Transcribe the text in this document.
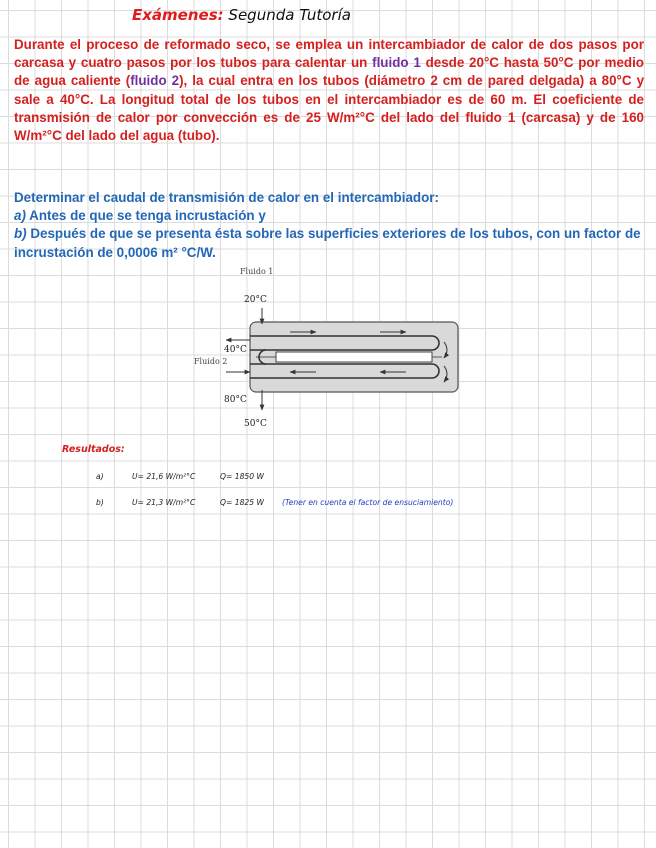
Exámenes: Segunda Tutoría
Durante el proceso de reformado seco, se emplea un intercambiador de calor de dos pasos por carcasa y cuatro pasos por los tubos para calentar un fluido 1 desde 20°C hasta 50°C por medio de agua caliente (fluido 2), la cual entra en los tubos (diámetro 2 cm de pared delgada) a 80°C y sale a 40°C. La longitud total de los tubos en el intercambiador es de 60 m. El coeficiente de transmisión de calor por convección es de 25 W/m²°C del lado del fluido 1 (carcasa) y de 160 W/m²°C del lado del agua (tubo).
Determinar el caudal de transmisión de calor en el intercambiador:
a) Antes de que se tenga incrustación y
b) Después de que se presenta ésta sobre las superficies exteriores de los tubos, con un factor de incrustación de 0,0006 m² °C/W.
Fluido 1
20°C
40°C
Fluido 2
80°C
50°C
Resultados:
a)	U= 21,6 W/m²°C	Q= 1850 W
b)	U= 21,3 W/m²°C	Q= 1825 W (Tener en cuenta el factor de ensuciamiento)
